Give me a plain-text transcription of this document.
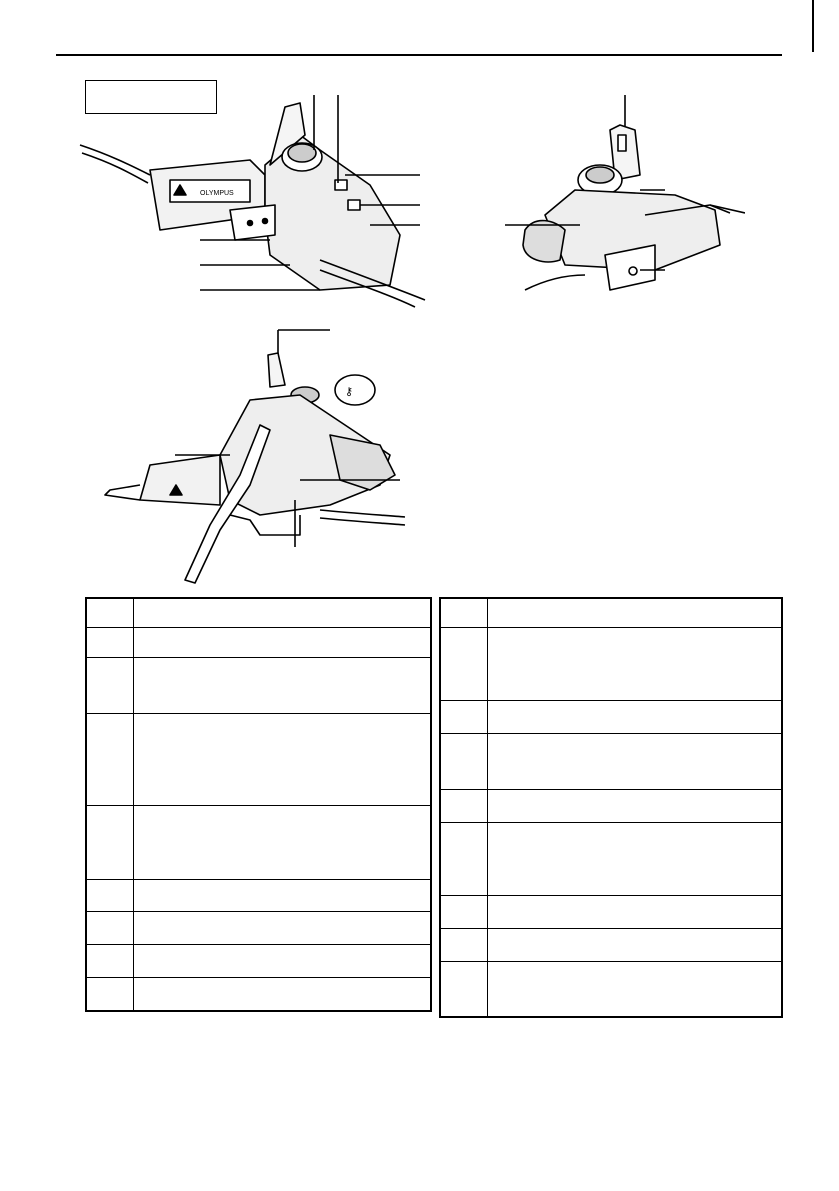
OLYMPUS
⚷
